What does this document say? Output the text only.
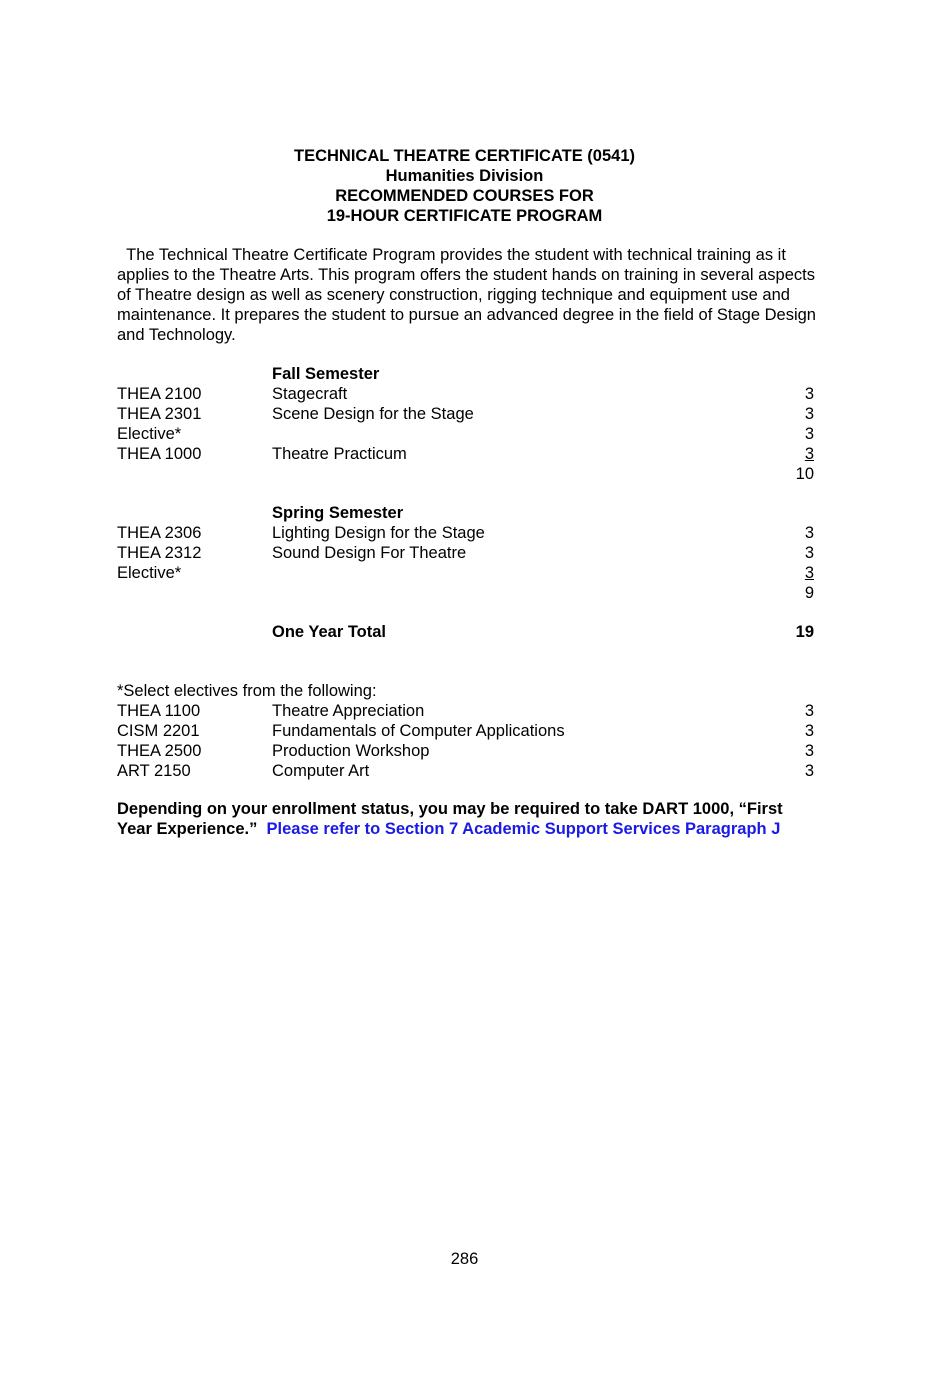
TECHNICAL THEATRE CERTIFICATE (0541)
Humanities Division
RECOMMENDED COURSES FOR
19-HOUR CERTIFICATE PROGRAM

The Technical Theatre Certificate Program provides the student with technical training as it applies to the Theatre Arts. This program offers the student hands on training in several aspects of Theatre design as well as scenery construction, rigging technique and equipment use and maintenance. It prepares the student to pursue an advanced degree in the field of Stage Design and Technology.

Fall Semester
THEA 2100	Stagecraft	3
THEA 2301	Scene Design for the Stage	3
Elective*	3
THEA 1000	Theatre Practicum	3
10
Spring Semester
THEA 2306	Lighting Design for the Stage	3
THEA 2312	Sound Design For Theatre	3
Elective*	3
9
One Year Total	19
*Select electives from the following:
THEA 1100	Theatre Appreciation	3
CISM 2201	Fundamentals of Computer Applications	3
THEA 2500	Production Workshop	3
ART 2150	Computer Art	3

Depending on your enrollment status, you may be required to take DART 1000, “First Year Experience.”  Please refer to Section 7 Academic Support Services Paragraph J

286
